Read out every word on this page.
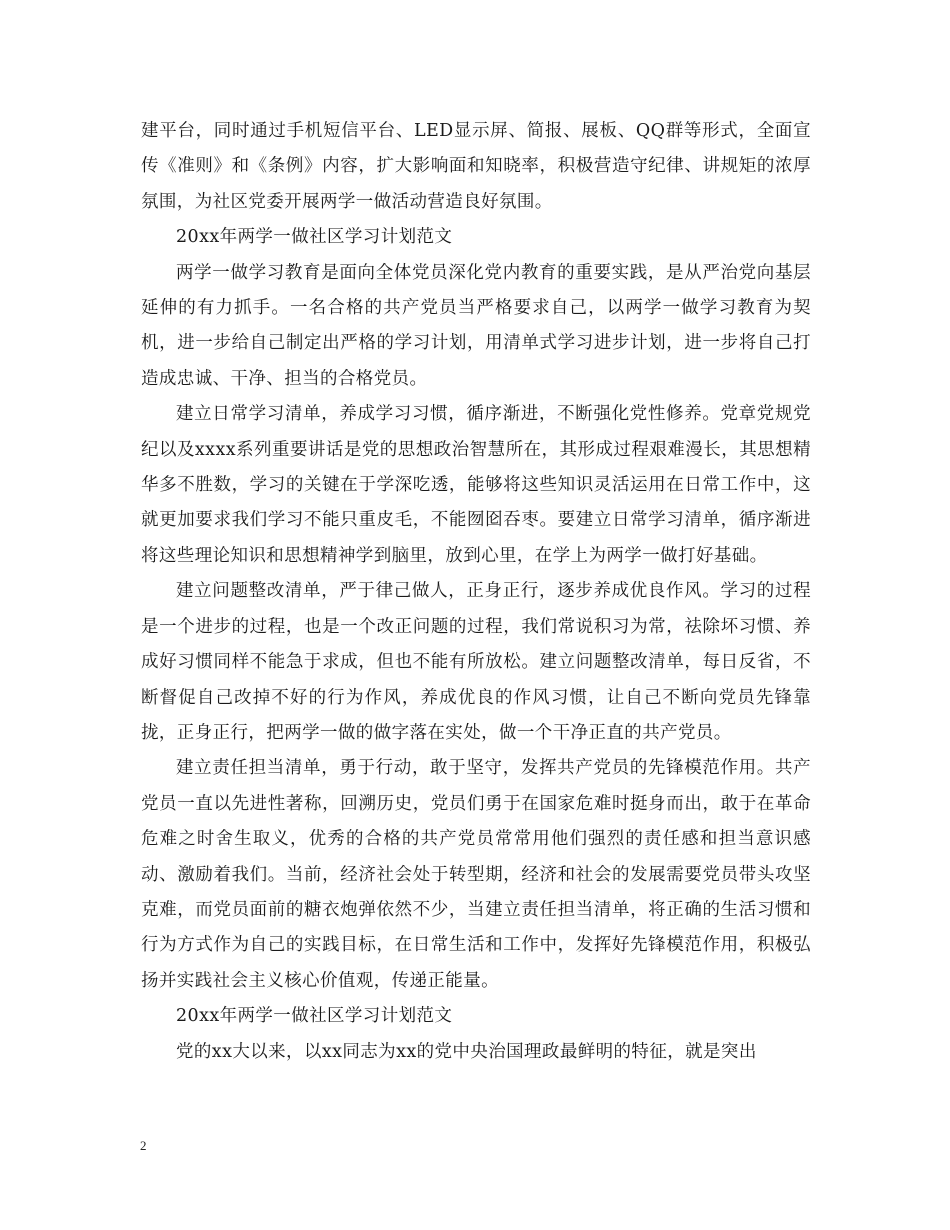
建平台，同时通过手机短信平台、LED显示屏、简报、展板、QQ群等形式，全面宣传《准则》和《条例》内容，扩大影响面和知晓率，积极营造守纪律、讲规矩的浓厚氛围，为社区党委开展两学一做活动营造良好氛围。

20xx年两学一做社区学习计划范文

两学一做学习教育是面向全体党员深化党内教育的重要实践，是从严治党向基层延伸的有力抓手。一名合格的共产党员当严格要求自己，以两学一做学习教育为契机，进一步给自己制定出严格的学习计划，用清单式学习进步计划，进一步将自己打造成忠诚、干净、担当的合格党员。

建立日常学习清单，养成学习习惯，循序渐进，不断强化党性修养。党章党规党纪以及xxxx系列重要讲话是党的思想政治智慧所在，其形成过程艰难漫长，其思想精华多不胜数，学习的关键在于学深吃透，能够将这些知识灵活运用在日常工作中，这就更加要求我们学习不能只重皮毛，不能囫囵吞枣。要建立日常学习清单，循序渐进将这些理论知识和思想精神学到脑里，放到心里，在学上为两学一做打好基础。

建立问题整改清单，严于律己做人，正身正行，逐步养成优良作风。学习的过程是一个进步的过程，也是一个改正问题的过程，我们常说积习为常，祛除坏习惯、养成好习惯同样不能急于求成，但也不能有所放松。建立问题整改清单，每日反省，不断督促自己改掉不好的行为作风，养成优良的作风习惯，让自己不断向党员先锋靠拢，正身正行，把两学一做的做字落在实处，做一个干净正直的共产党员。

建立责任担当清单，勇于行动，敢于坚守，发挥共产党员的先锋模范作用。共产党员一直以先进性著称，回溯历史，党员们勇于在国家危难时挺身而出，敢于在革命危难之时舍生取义，优秀的合格的共产党员常常用他们强烈的责任感和担当意识感动、激励着我们。当前，经济社会处于转型期，经济和社会的发展需要党员带头攻坚克难，而党员面前的糖衣炮弹依然不少，当建立责任担当清单，将正确的生活习惯和行为方式作为自己的实践目标，在日常生活和工作中，发挥好先锋模范作用，积极弘扬并实践社会主义核心价值观，传递正能量。

20xx年两学一做社区学习计划范文

党的xx大以来，以xx同志为xx的党中央治国理政最鲜明的特征，就是突出

2
